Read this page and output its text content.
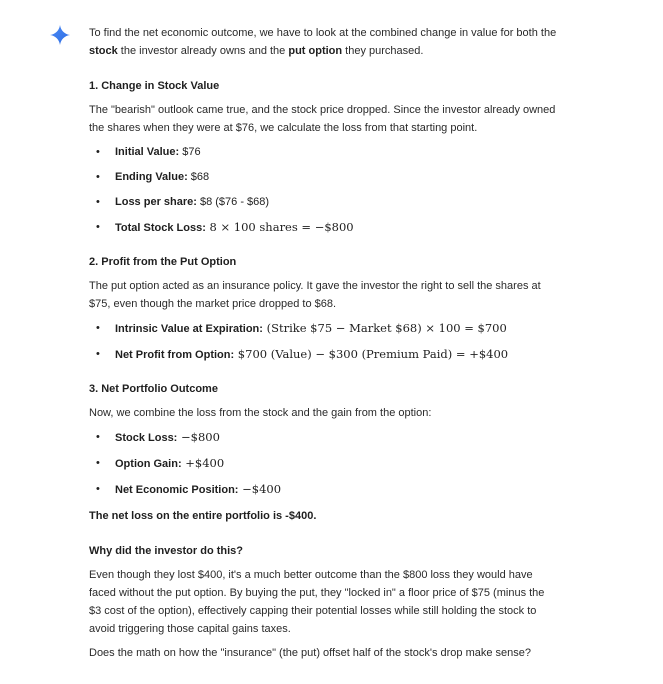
To find the net economic outcome, we have to look at the combined change in value for both the stock the investor already owns and the put option they purchased.

1. Change in Stock Value

The "bearish" outlook came true, and the stock price dropped. Since the investor already owned the shares when they were at $76, we calculate the loss from that starting point.

• Initial Value: $76
• Ending Value: $68
• Loss per share: $8 ($76 - $68)
• Total Stock Loss: 8 × 100 shares = −$800
2. Profit from the Put Option

The put option acted as an insurance policy. It gave the investor the right to sell the shares at $75, even though the market price dropped to $68.

• Intrinsic Value at Expiration: (Strike $75 − Market $68) × 100 = $700
• Net Profit from Option: $700 (Value) − $300 (Premium Paid) = +$400
3. Net Portfolio Outcome

Now, we combine the loss from the stock and the gain from the option:

• Stock Loss: −$800
• Option Gain: +$400
• Net Economic Position: −$400

The net loss on the entire portfolio is -$400.

Why did the investor do this?

Even though they lost $400, it's a much better outcome than the $800 loss they would have faced without the put option. By buying the put, they "locked in" a floor price of $75 (minus the $3 cost of the option), effectively capping their potential losses while still holding the stock to avoid triggering those capital gains taxes.

Does the math on how the "insurance" (the put) offset half of the stock's drop make sense?
